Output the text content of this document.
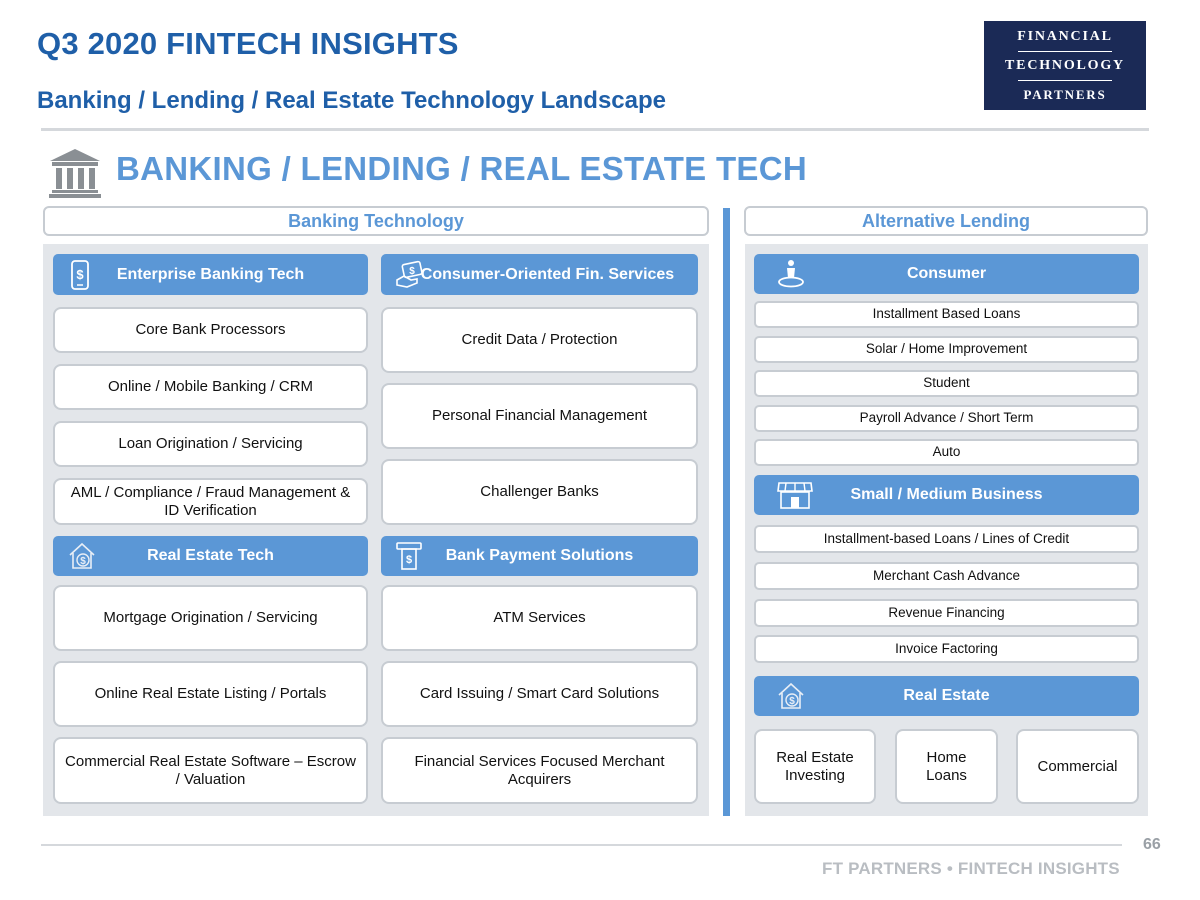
Q3 2020 FINTECH INSIGHTS
Banking / Lending / Real Estate Technology Landscape
FINANCIAL
TECHNOLOGY
PARTNERS
BANKING / LENDING / REAL ESTATE TECH
Banking Technology	Alternative Lending
$ Enterprise Banking Tech
Core Bank Processors
Online / Mobile Banking / CRM
Loan Origination / Servicing
AML / Compliance / Fraud Management & ID Verification
$ Consumer-Oriented Fin. Services
Credit Data / Protection
Personal Financial Management
Challenger Banks
$	Real Estate Tech
Mortgage Origination / Servicing
Online Real Estate Listing / Portals
Commercial Real Estate Software – Escrow / Valuation
$ Bank Payment Solutions
ATM Services
Card Issuing / Smart Card Solutions
Financial Services Focused Merchant Acquirers
Consumer
Installment Based Loans
Solar / Home Improvement
Student
Payroll Advance / Short Term
Auto
Small / Medium Business
Installment-based Loans / Lines of Credit
Merchant Cash Advance
Revenue Financing
Invoice Factoring
$	Real Estate
Real Estate Investing
Home Loans
Commercial
66
FT PARTNERS • FINTECH INSIGHTS
